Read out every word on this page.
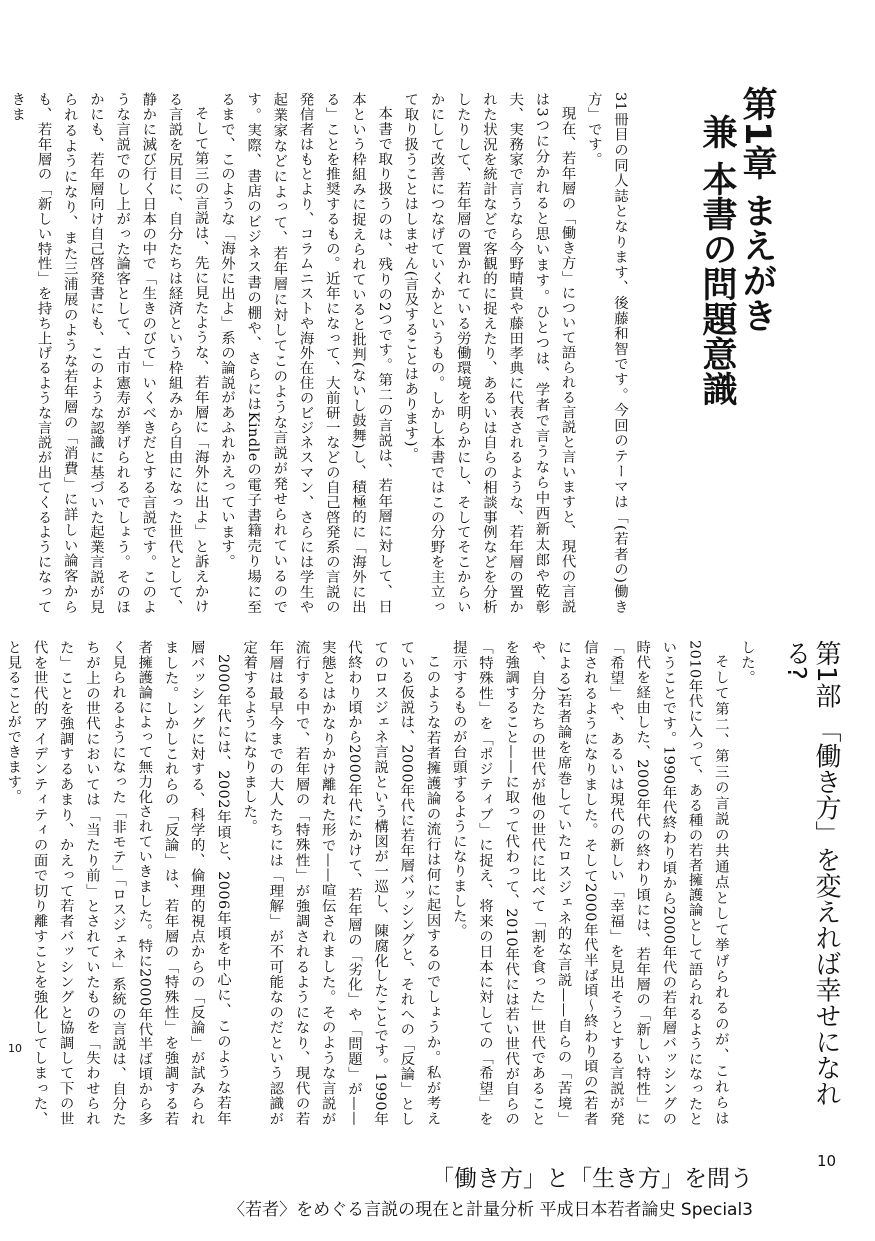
第1章 まえがき
兼 本書の問題意識

31冊目の同人誌となります、後藤和智です。今回のテーマは「(若者の)働き方」です。

現在、若年層の「働き方」について語られる言説と言いますと、現代の言説は3つに分かれると思います。ひとつは、学者で言うなら中西新太郎や乾彰夫、実務家で言うなら今野晴貴や藤田孝典に代表されるような、若年層の置かれた状況を統計などで客観的に捉えたり、あるいは自らの相談事例などを分析したりして、若年層の置かれている労働環境を明らかにし、そしてそこからいかにして改善につなげていくかというもの。しかし本書ではこの分野を主立って取り扱うことはしません(言及することはあります)。

本書で取り扱うのは、残りの2つです。第二の言説は、若年層に対して、日本という枠組みに捉えられていると批判(ないし鼓舞)し、積極的に「海外に出る」ことを推奨するもの。近年になって、大前研一などの自己啓発系の言説の発信者はもとより、コラムニストや海外在住のビジネスマン、さらには学生や起業家などによって、若年層に対してこのような言説が発せられているのです。実際、書店のビジネス書の棚や、さらにはKindleの電子書籍売り場に至るまで、このような「海外に出よ」系の論説があふれかえっています。

そして第三の言説は、先に見たような、若年層に「海外に出よ」と訴えかける言説を尻目に、自分たちは経済という枠組みから自由になった世代として、静かに滅び行く日本の中で「生きのびて」いくべきだとする言説です。このような言説でのし上がった論客として、古市憲寿が挙げられるでしょう。そのほかにも、若年層向け自己啓発書にも、このような認識に基づいた起業言説が見られるようになり、また三浦展のような若年層の「消費」に詳しい論客からも、若年層の「新しい特性」を持ち上げるような言説が出てくるようになってきま

した。

そして第二、第三の言説の共通点として挙げられるのが、これらは2010年代に入って、ある種の若者擁護論として語られるようになったということです。1990年代終わり頃から2000年代の若年層バッシングの時代を経由した、2000年代の終わり頃には、若年層の「新しい特性」に「希望」や、あるいは現代の新しい「幸福」を見出そうとする言説が発信されるようになりました。そして2000年代半ば頃〜終わり頃の(若者による)若者論を席巻していたロスジェネ的な言説——自らの「苦境」や、自分たちの世代が他の世代に比べて「割を食った」世代であることを強調すること——に取って代わって、2010年代には若い世代が自らの「特殊性」を「ポジティブ」に捉え、将来の日本に対しての「希望」を提示するものが台頭するようになりました。

このような若者擁護論の流行は何に起因するのでしょうか。私が考えている仮説は、2000年代に若年層バッシングと、それへの「反論」としてのロスジェネ言説という構図が一巡し、陳腐化したことです。1990年代終わり頃から2000年代にかけて、若年層の「劣化」や「問題」が——実態とはかなりかけ離れた形で——喧伝されました。そのような言説が流行する中で、若年層の「特殊性」が強調されるようになり、現代の若年層は最早今までの大人たちには「理解」が不可能なのだという認識が定着するようになりました。

2000年代には、2002年頃と、2006年頃を中心に、このような若年層バッシングに対する、科学的、倫理的視点からの「反論」が試みられました。しかしこれらの「反論」は、若年層の「特殊性」を強調する若者擁護論によって無力化されていきました。特に2000年代半ば頃から多く見られるようになった「非モテ」「ロスジェネ」系統の言説は、自分たちが上の世代においては「当たり前」とされていたものを「失わせられた」ことを強調するあまり、かえって若者バッシングと協調して下の世代を世代的アイデンティティの面で切り離すことを強化してしまった、と見ることができます。	第1部 「働き方」を変えれば幸せになれる?
10
10
「働き方」と「生き方」を問う
〈若者〉をめぐる言説の現在と計量分析 平成日本若者論史 Special3
